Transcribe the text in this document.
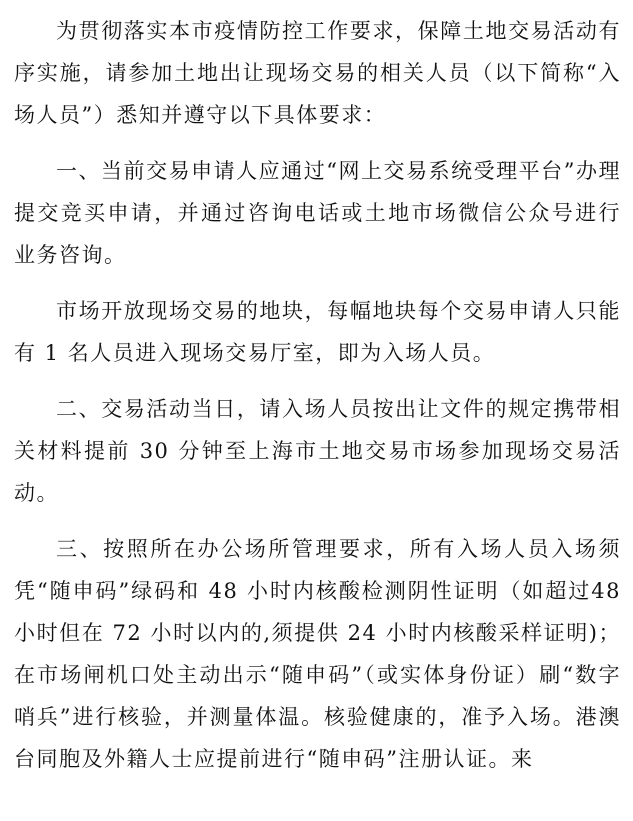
为贯彻落实本市疫情防控工作要求，保障土地交易活动有序实施，请参加土地出让现场交易的相关人员（以下简称“入场人员”）悉知并遵守以下具体要求：

一、当前交易申请人应通过“网上交易系统受理平台”办理提交竞买申请，并通过咨询电话或土地市场微信公众号进行业务咨询。

市场开放现场交易的地块，每幅地块每个交易申请人只能有 1 名人员进入现场交易厅室，即为入场人员。

二、交易活动当日，请入场人员按出让文件的规定携带相关材料提前 30 分钟至上海市土地交易市场参加现场交易活动。

三、按照所在办公场所管理要求，所有入场人员入场须凭“随申码”绿码和 48 小时内核酸检测阴性证明（如超过48 小时但在 72 小时以内的,须提供 24 小时内核酸采样证明)；在市场闸机口处主动出示“随申码”（或实体身份证）刷“数字哨兵”进行核验，并测量体温。核验健康的，准予入场。港澳台同胞及外籍人士应提前进行“随申码”注册认证。来
